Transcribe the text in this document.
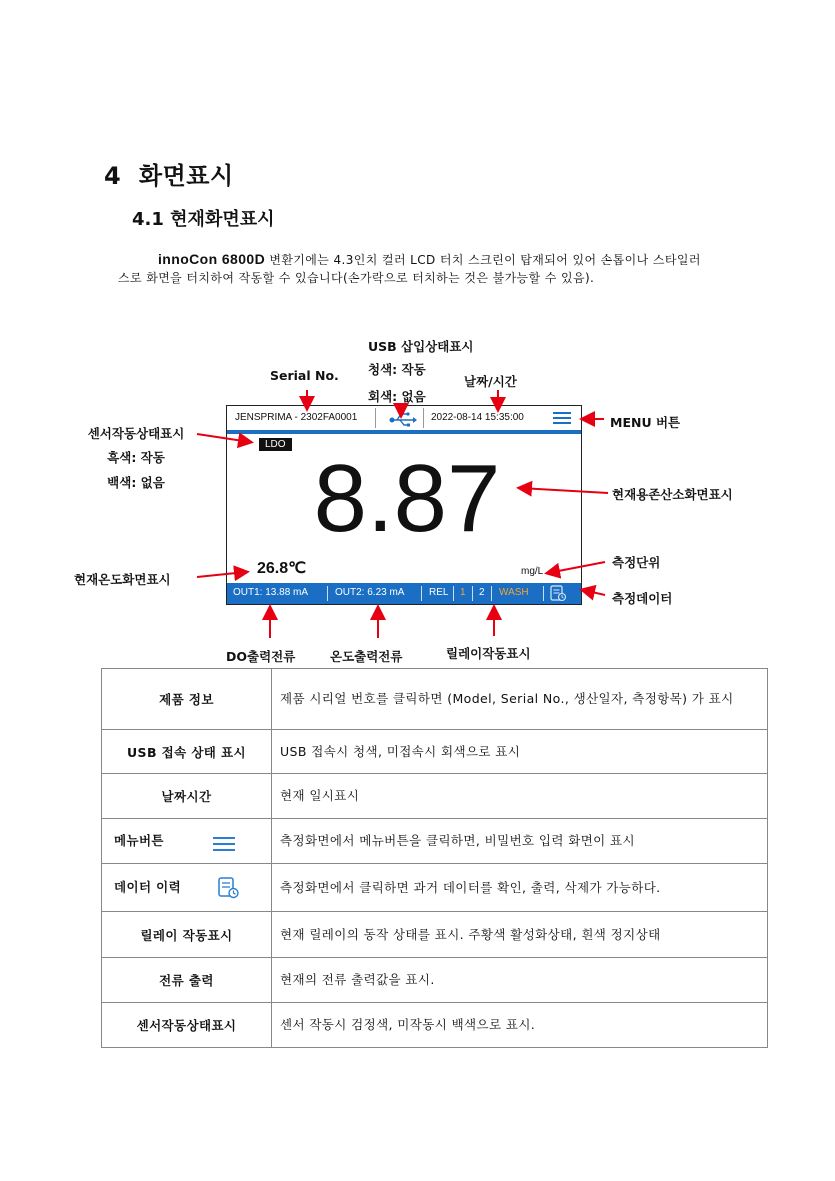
4 화면표시
4.1 현재화면표시
innoCon 6800D 변환기에는 4.3인치 컬러 LCD 터치 스크린이 탑재되어 있어 손톱이나 스타일러스로 화면을 터치하여 작동할 수 있습니다(손가락으로 터치하는 것은 불가능할 수 있음).
USB 삽입상태표시
청색: 작동
회색: 없음
Serial No.	날짜/시간
MENU 버튼
센서작동상태표시
흑색: 작동
백색: 없음
현재용존산소화면표시
측정단위
측정데이터
현재온도화면표시
DO출력전류	온도출력전류	릴레이작동표시
JENSPRIMA - 2302FA0001	2022-08-14 15:35:00
LDO
8.87
26.8℃	mg/L
OUT1: 13.88 mA	OUT2: 6.23 mA REL 1 2 WASH
제품 정보	제품 시리얼 번호를 클릭하면 (Model, Serial No., 생산일자, 측정항목) 가 표시
USB 접속 상태 표시	USB 접속시 청색, 미접속시 회색으로 표시
날짜시간	현재 일시표시
메뉴버튼	측정화면에서 메뉴버튼을 클릭하면, 비밀번호 입력 화면이 표시
데이터 이력	측정화면에서 클릭하면 과거 데이터를 확인, 출력, 삭제가 가능하다.
릴레이 작동표시	현재 릴레이의 동작 상태를 표시. 주황색 활성화상태, 흰색 정지상태
전류 출력	현재의 전류 출력값을 표시.
센서작동상태표시	센서 작동시 검정색, 미작동시 백색으로 표시.
